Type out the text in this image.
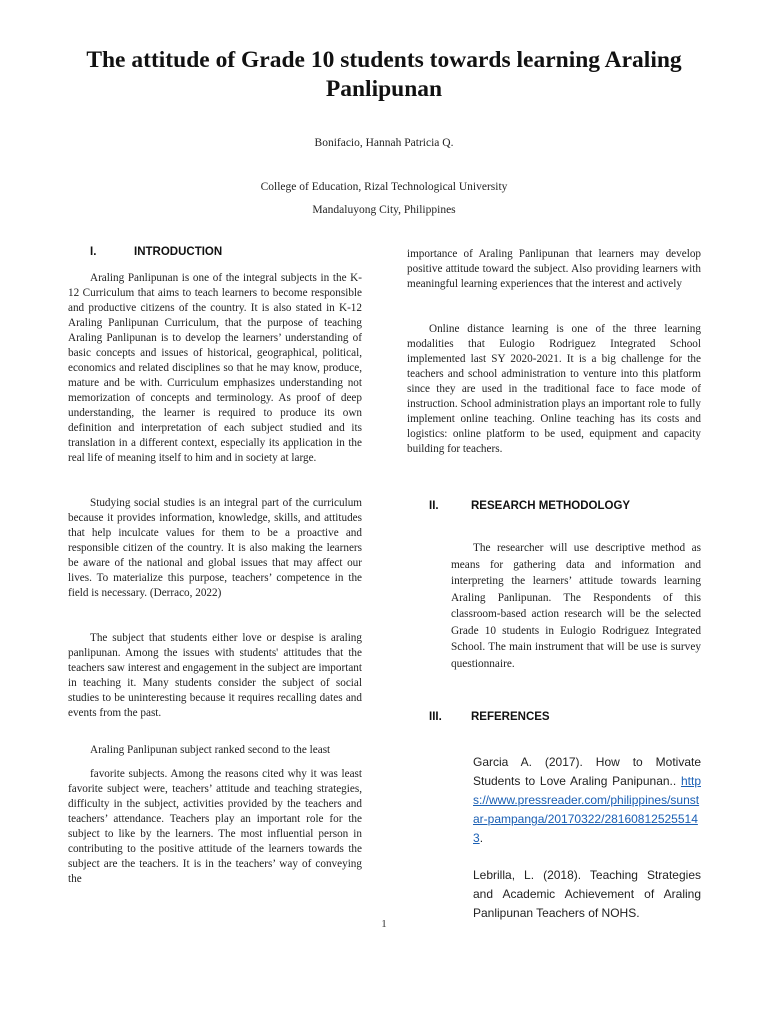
The attitude of Grade 10 students towards learning Araling Panlipunan
Bonifacio, Hannah Patricia Q.
College of Education, Rizal Technological University
Mandaluyong City, Philippines
I.	INTRODUCTION

Araling Panlipunan is one of the integral subjects in the K-12 Curriculum that aims to teach learners to become responsible and productive citizens of the country. It is also stated in K-12 Araling Panlipunan Curriculum, that the purpose of teaching Araling Panlipunan is to develop the learners’ understanding of basic concepts and issues of historical, geographical, political, economics and related disciplines so that he may know, produce, mature and be with. Curriculum emphasizes understanding not memorization of concepts and terminology. As proof of deep understanding, the learner is required to produce its own definition and interpretation of each subject studied and its translation in a different context, especially its application in the real life of meaning itself to him and in society at large.

Studying social studies is an integral part of the curriculum because it provides information, knowledge, skills, and attitudes that help inculcate values for them to be a proactive and responsible citizen of the country. It is also making the learners be aware of the national and global issues that may affect our lives. To materialize this purpose, teachers’ competence in the field is necessary. (Derraco, 2022)

The subject that students either love or despise is araling panlipunan. Among the issues with students' attitudes that the teachers saw interest and engagement in the subject are important in teaching it. Many students consider the subject of social studies to be uninteresting because it requires recalling dates and events from the past.

Araling Panlipunan subject ranked second to the least

favorite subjects. Among the reasons cited why it was least favorite subject were, teachers’ attitude and teaching strategies, difficulty in the subject, activities provided by the teachers and teachers’ attendance. Teachers play an important role for the subject to like by the learners. The most influential person in contributing to the positive attitude of the learners towards the subject are the teachers. It is in the teachers’ way of conveying the

importance of Araling Panlipunan that learners may develop positive attitude toward the subject. Also providing learners with meaningful learning experiences that the interest and actively

Online distance learning is one of the three learning modalities that Eulogio Rodriguez Integrated School implemented last SY 2020-2021. It is a big challenge for the teachers and school administration to venture into this platform since they are used in the traditional face to face mode of instruction. School administration plays an important role to fully implement online teaching. Online teaching has its costs and logistics: online platform to be used, equipment and capacity building for teachers.

II.	RESEARCH METHODOLOGY

The researcher will use descriptive method as means for gathering data and information and interpreting the learners’ attitude towards learning Araling Panlipunan. The Respondents of this classroom-based action research will be the selected Grade 10 students in Eulogio Rodriguez Integrated School. The main instrument that will be use is survey questionnaire.

III.	REFERENCES
Garcia A. (2017). How to Motivate Students to Love Araling Panipunan.. https://www.pressreader.com/philippines/sunstar-pampanga/20170322/281608125255143.
Lebrilla, L. (2018). Teaching Strategies and Academic Achievement of Araling Panlipunan Teachers of NOHS.
1
